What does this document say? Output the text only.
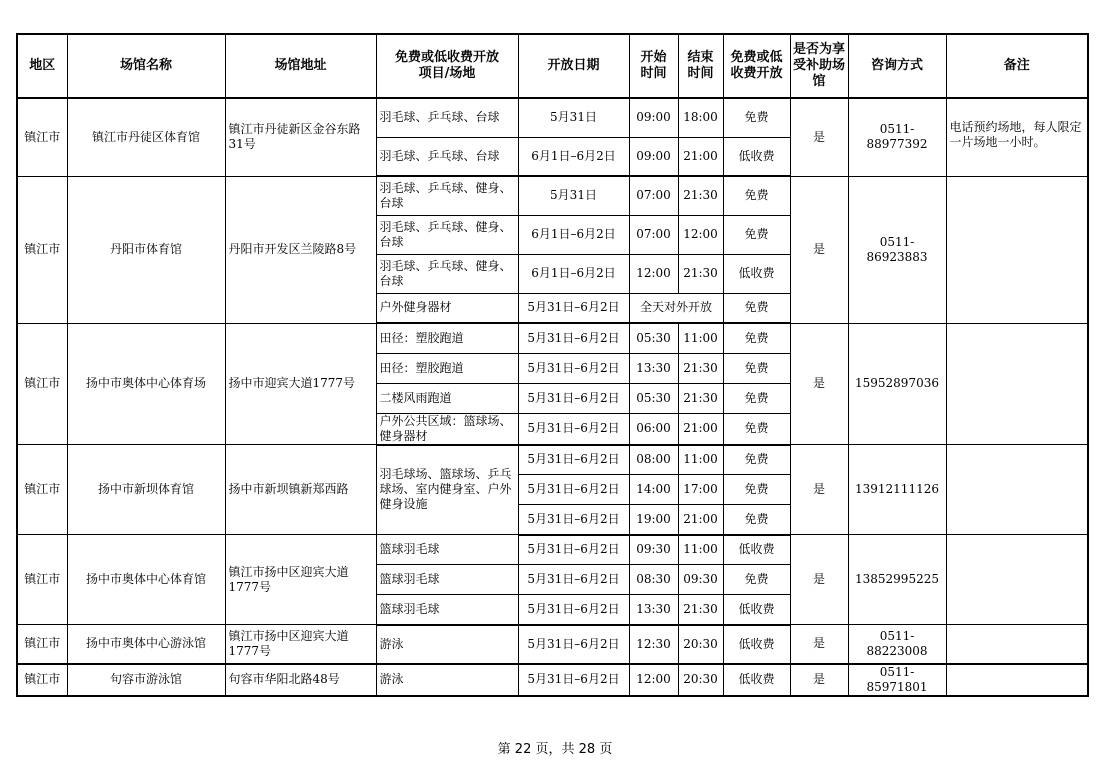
地区	场馆名称	场馆地址	免费或低收费开放项目/场地	开放日期	开始时间	结束时间	免费或低收费开放	是否为享受补助场馆	咨询方式	备注
镇江市	镇江市丹徒区体育馆	镇江市丹徒新区金谷东路31号	羽毛球、乒乓球、台球	5月31日	09:00	18:00	免费	是	0511-88977392	电话预约场地，每人限定一片场地一小时。
			羽毛球、乒乓球、台球	6月1日–6月2日	09:00	21:00	低收费			
镇江市	丹阳市体育馆	丹阳市开发区兰陵路8号	羽毛球、乒乓球、健身、台球	5月31日	07:00	21:30	免费	是	0511-86923883	
			羽毛球、乒乓球、健身、台球	6月1日–6月2日	07:00	12:00	免费			
			羽毛球、乒乓球、健身、台球	6月1日–6月2日	12:00	21:30	低收费			
			户外健身器材	5月31日–6月2日	全天对外开放		免费			
镇江市	扬中市奥体中心体育场	扬中市迎宾大道1777号	田径：塑胶跑道	5月31日–6月2日	05:30	11:00	免费	是	15952897036	
			田径：塑胶跑道	5月31日–6月2日	13:30	21:30	免费			
			二楼风雨跑道	5月31日–6月2日	05:30	21:30	免费			
			户外公共区域：篮球场、健身器材	5月31日–6月2日	06:00	21:00	免费			
镇江市	扬中市新坝体育馆	扬中市新坝镇新郑西路	羽毛球场、篮球场、乒乓球场、室内健身室、户外健身设施	5月31日–6月2日	08:00	11:00	免费	是	13912111126	
				5月31日–6月2日	14:00	17:00	免费			
				5月31日–6月2日	19:00	21:00	免费			
镇江市	扬中市奥体中心体育馆	镇江市扬中区迎宾大道1777号	篮球羽毛球	5月31日–6月2日	09:30	11:00	低收费	是	13852995225	
			篮球羽毛球	5月31日–6月2日	08:30	09:30	免费			
			篮球羽毛球	5月31日–6月2日	13:30	21:30	低收费			
镇江市	扬中市奥体中心游泳馆	镇江市扬中区迎宾大道1777号	游泳	5月31日–6月2日	12:30	20:30	低收费	是	0511-88223008	
镇江市	句容市游泳馆	句容市华阳北路48号	游泳	5月31日–6月2日	12:00	20:30	低收费	是	0511-85971801	
第 22 页，共 28 页
